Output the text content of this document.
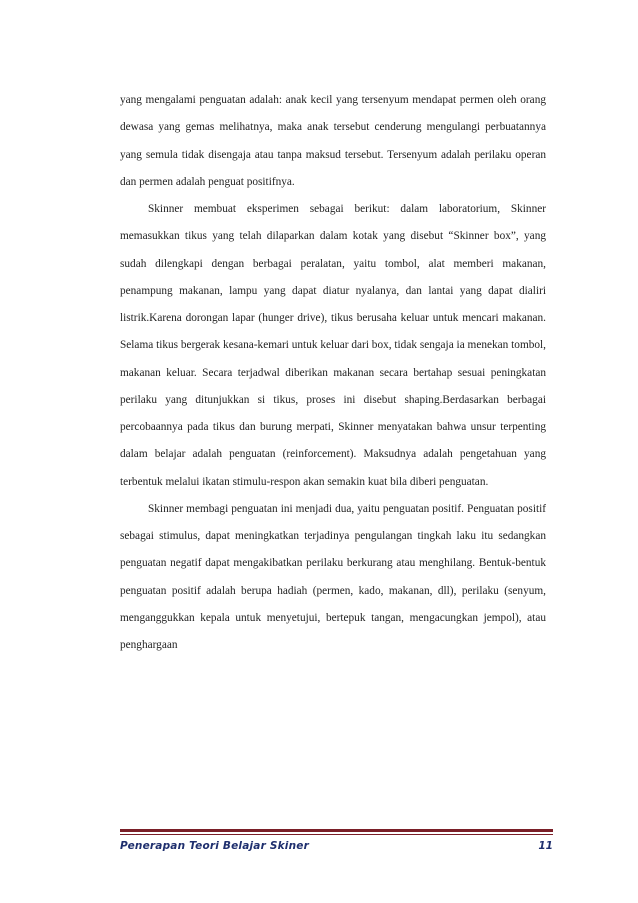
yang mengalami penguatan adalah: anak kecil yang tersenyum mendapat permen oleh orang dewasa yang gemas melihatnya, maka anak tersebut cenderung mengulangi perbuatannya yang semula tidak disengaja atau tanpa maksud tersebut. Tersenyum adalah perilaku operan dan permen adalah penguat positifnya.

Skinner membuat eksperimen sebagai berikut: dalam laboratorium, Skinner memasukkan tikus yang telah dilaparkan dalam kotak yang disebut “Skinner box”, yang sudah dilengkapi dengan berbagai peralatan, yaitu tombol, alat memberi makanan, penampung makanan, lampu yang dapat diatur nyalanya, dan lantai yang dapat dialiri listrik.Karena dorongan lapar (hunger drive), tikus berusaha keluar untuk mencari makanan. Selama tikus bergerak kesana-kemari untuk keluar dari box, tidak sengaja ia menekan tombol, makanan keluar. Secara terjadwal diberikan makanan secara bertahap sesuai peningkatan perilaku yang ditunjukkan si tikus, proses ini disebut shaping.Berdasarkan berbagai percobaannya pada tikus dan burung merpati, Skinner menyatakan bahwa unsur terpenting dalam belajar adalah penguatan (reinforcement). Maksudnya adalah pengetahuan yang terbentuk melalui ikatan stimulu-respon akan semakin kuat bila diberi penguatan.

Skinner membagi penguatan ini menjadi dua, yaitu penguatan positif. Penguatan positif sebagai stimulus, dapat meningkatkan terjadinya pengulangan tingkah laku itu sedangkan penguatan negatif dapat mengakibatkan perilaku berkurang atau menghilang. Bentuk-bentuk penguatan positif adalah berupa hadiah (permen, kado, makanan, dll), perilaku (senyum, menganggukkan kepala untuk menyetujui, bertepuk tangan, mengacungkan jempol), atau penghargaan

Penerapan Teori Belajar Skiner	11
